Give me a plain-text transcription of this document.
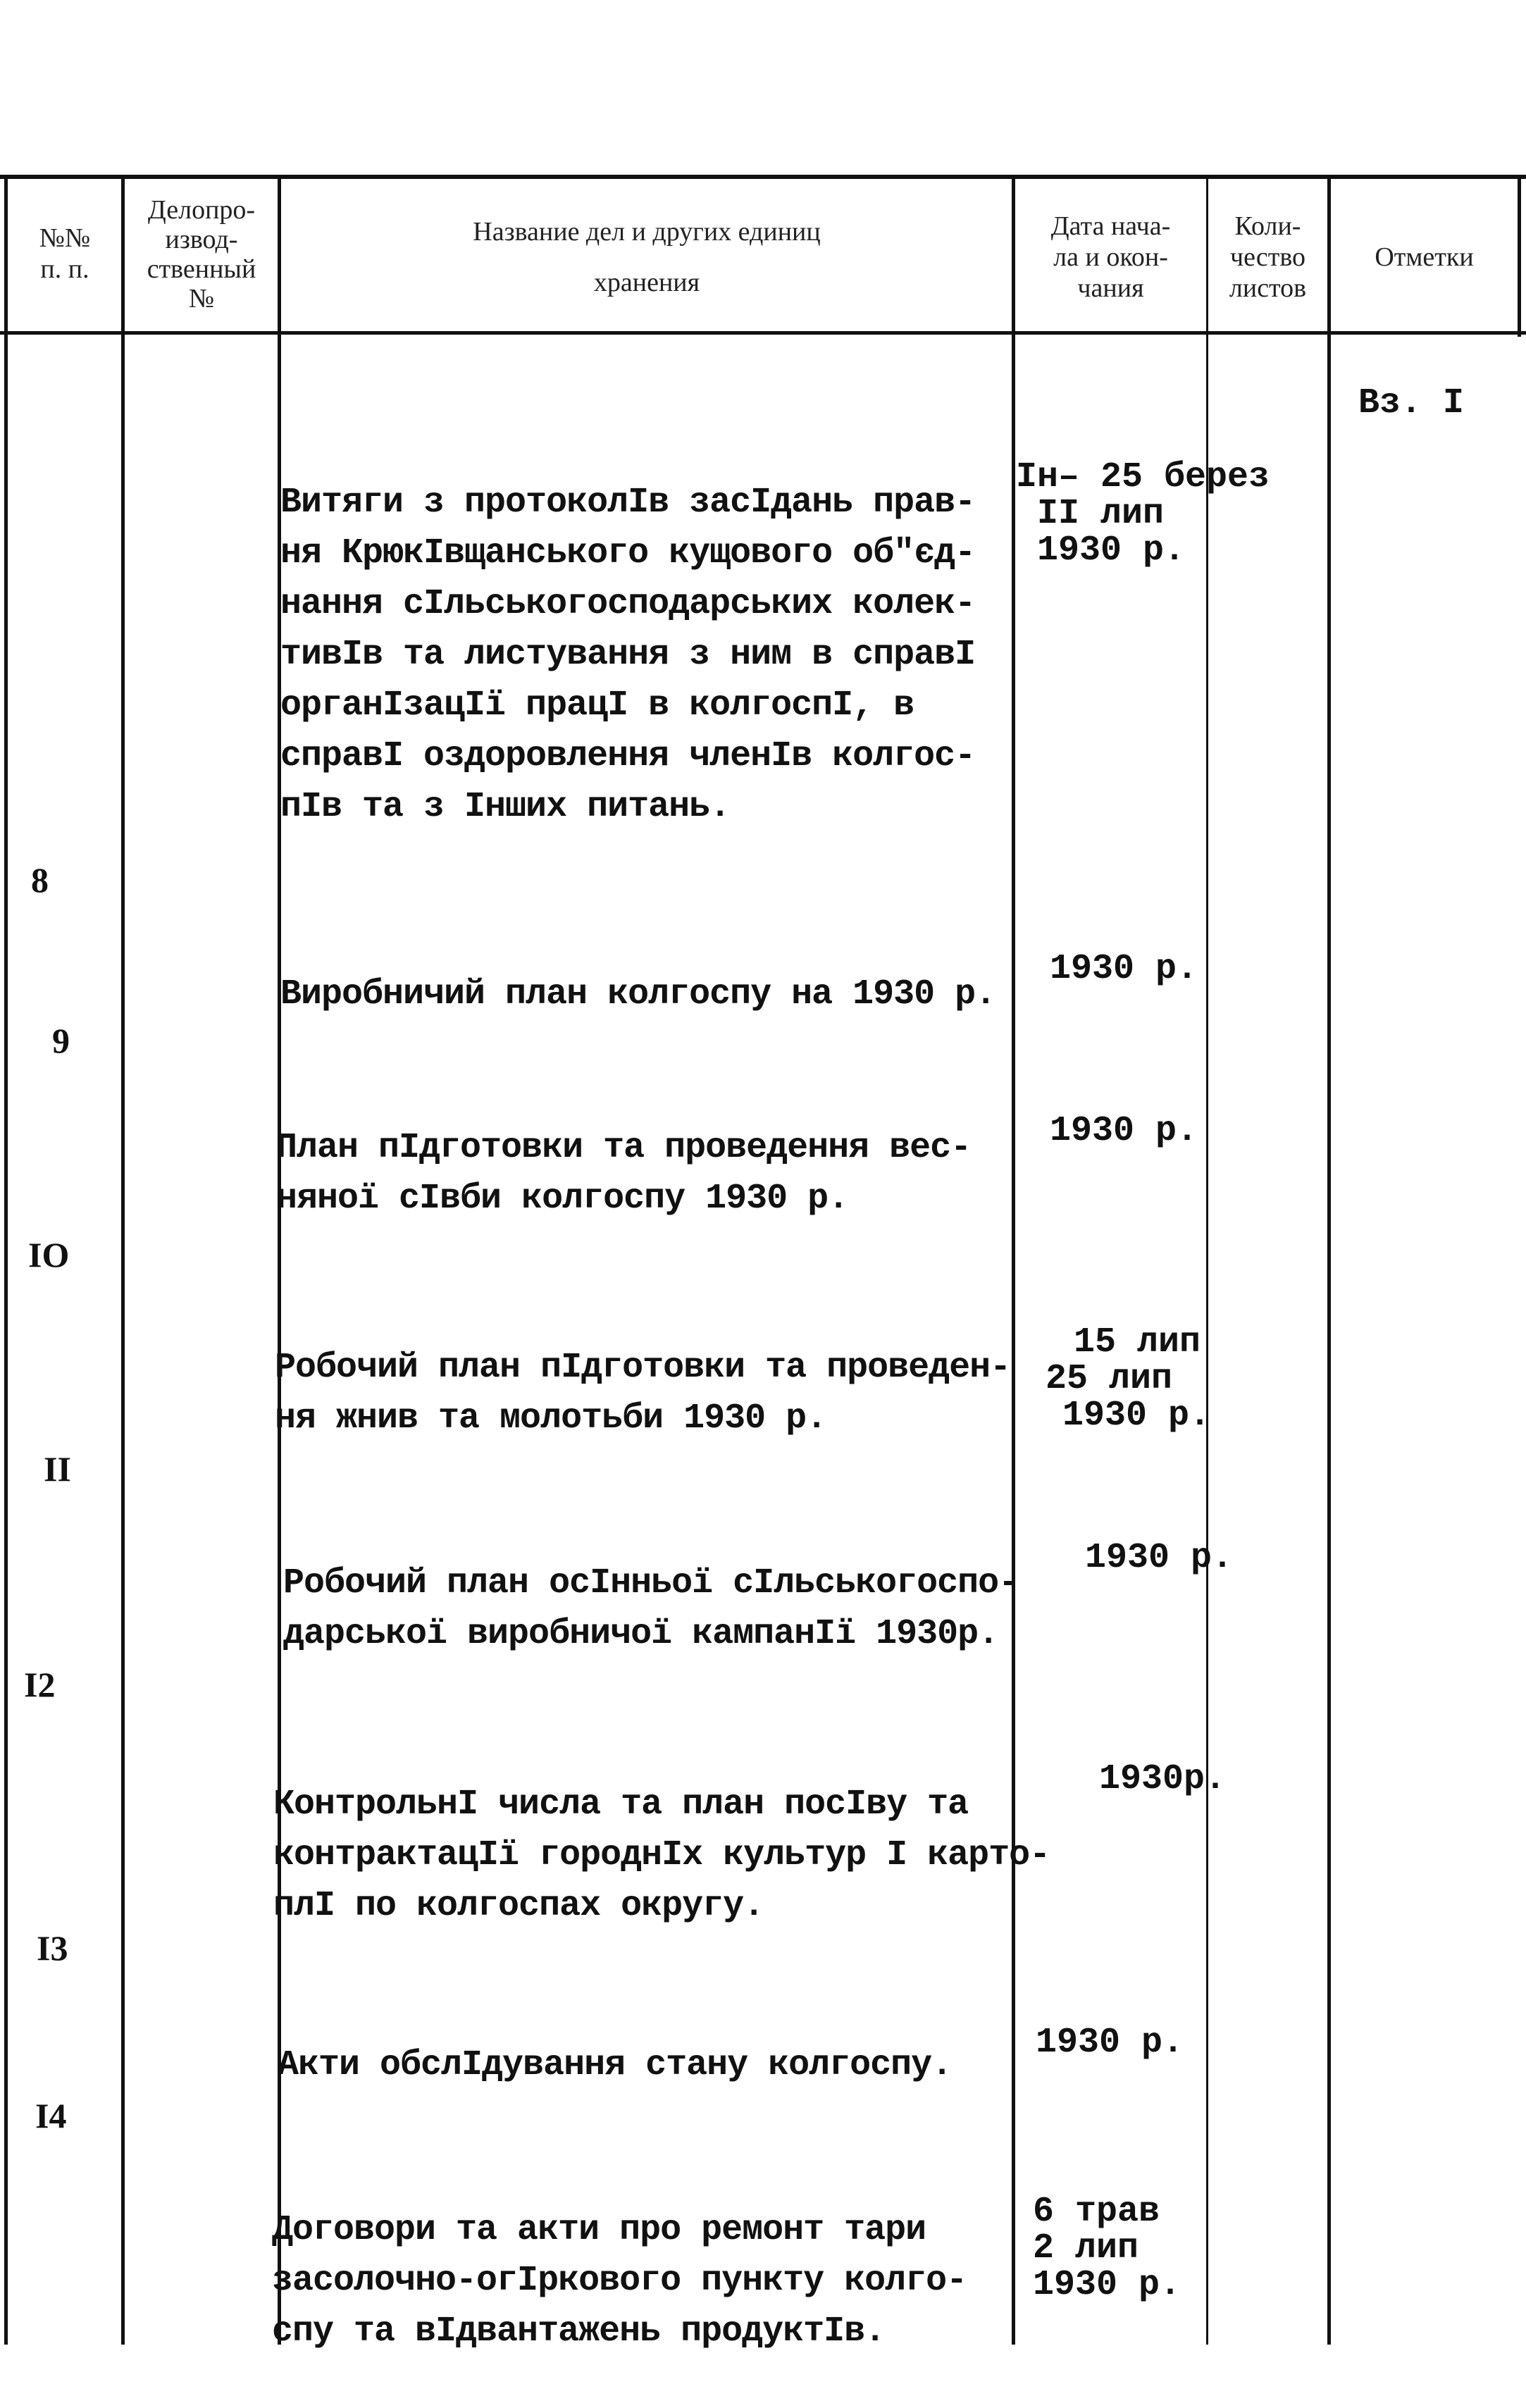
№№
п. п.
Делопро-
извод-
ственный
№
Название дел и других единиц
хранения
Дата нача-
ла и окон-
чания
Коли-
чество
листов
Отметки

Витяги з протоколIв засIдань прав-
ня КрюкIвщанського кущового об"єд-
нання сIльськогосподарських колек-
тивIв та листування з ним в справI
органIзацIї працI в колгоспI, в
справI оздоровлення членIв колгос-
пIв та з Iнших питань.

Ін– 25 берез
II лип
1930 р.

Вз. I
8

Виробничий план колгоспу на 1930 р.

1930 р.

9

План пIдготовки та проведення вес-
няної сIвби колгоспу 1930 р.

1930 р.

IO

Робочий план пIдготовки та проведен-
ня жнив та молотьби 1930 р.

15 лип
25 лип
1930 р.

II

Робочий план осIнньої сIльськогоспо-
дарської виробничої кампанIї 1930р.

1930 р.

I2

КонтрольнI числа та план посIву та
контрактацIї городнIх культур I карто-
плI по колгоспах округу.

1930р.

I3

Акти обслIдування стану колгоспу.

1930 р.

I4

Договори та акти про ремонт тари
засолочно-огIркового пункту колго-
спу та вIдвантажень продуктIв.

6 трав
2 лип
1930 р.
